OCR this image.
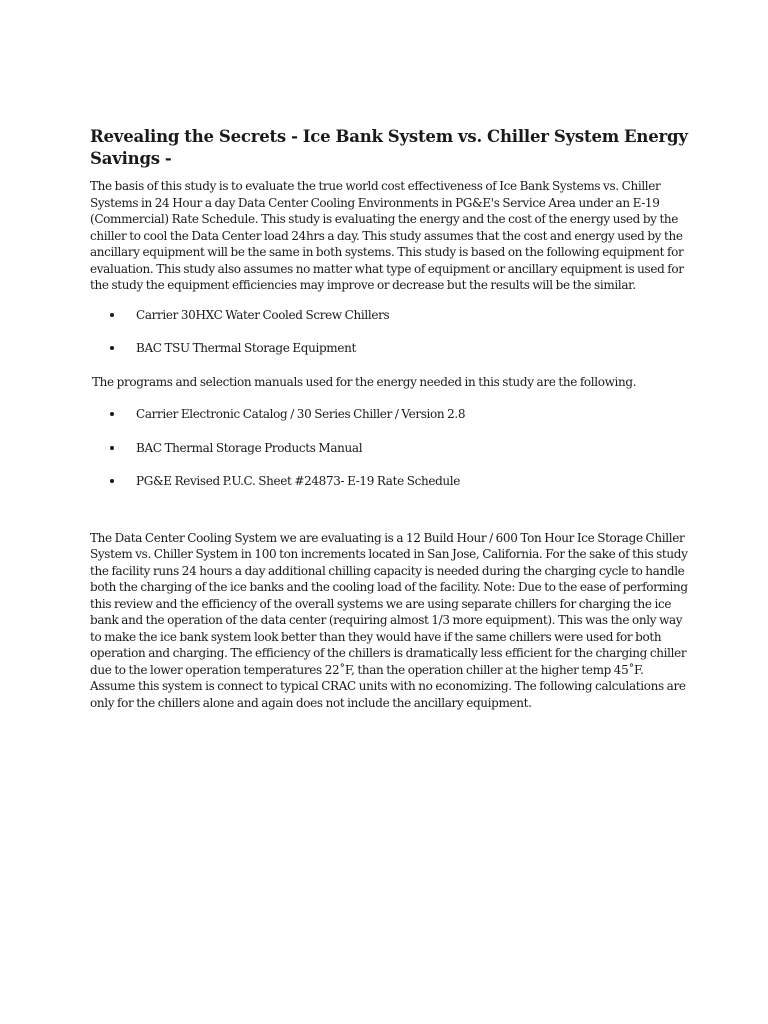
Revealing the Secrets - Ice Bank System vs. Chiller System Energy Savings -

The basis of this study is to evaluate the true world cost effectiveness of Ice Bank Systems vs. Chiller Systems in 24 Hour a day Data Center Cooling Environments in PG&E's Service Area under an E-19 (Commercial) Rate Schedule. This study is evaluating the energy and the cost of the energy used by the chiller to cool the Data Center load 24hrs a day. This study assumes that the cost and energy used by the ancillary equipment will be the same in both systems. This study is based on the following equipment for evaluation. This study also assumes no matter what type of equipment or ancillary equipment is used for the study the equipment efficiencies may improve or decrease but the results will be the similar.

Carrier 30HXC Water Cooled Screw Chillers
BAC TSU Thermal Storage Equipment

The programs and selection manuals used for the energy needed in this study are the following.

Carrier Electronic Catalog / 30 Series Chiller / Version 2.8
BAC Thermal Storage Products Manual
PG&E Revised P.U.C. Sheet #24873- E-19 Rate Schedule

The Data Center Cooling System we are evaluating is a 12 Build Hour / 600 Ton Hour Ice Storage Chiller System vs. Chiller System in 100 ton increments located in San Jose, California. For the sake of this study the facility runs 24 hours a day additional chilling capacity is needed during the charging cycle to handle both the charging of the ice banks and the cooling load of the facility. Note: Due to the ease of performing this review and the efficiency of the overall systems we are using separate chillers for charging the ice bank and the operation of the data center (requiring almost 1/3 more equipment). This was the only way to make the ice bank system look better than they would have if the same chillers were used for both operation and charging. The efficiency of the chillers is dramatically less efficient for the charging chiller due to the lower operation temperatures 22˚F, than the operation chiller at the higher temp 45˚F. Assume this system is connect to typical CRAC units with no economizing. The following calculations are only for the chillers alone and again does not include the ancillary equipment.
